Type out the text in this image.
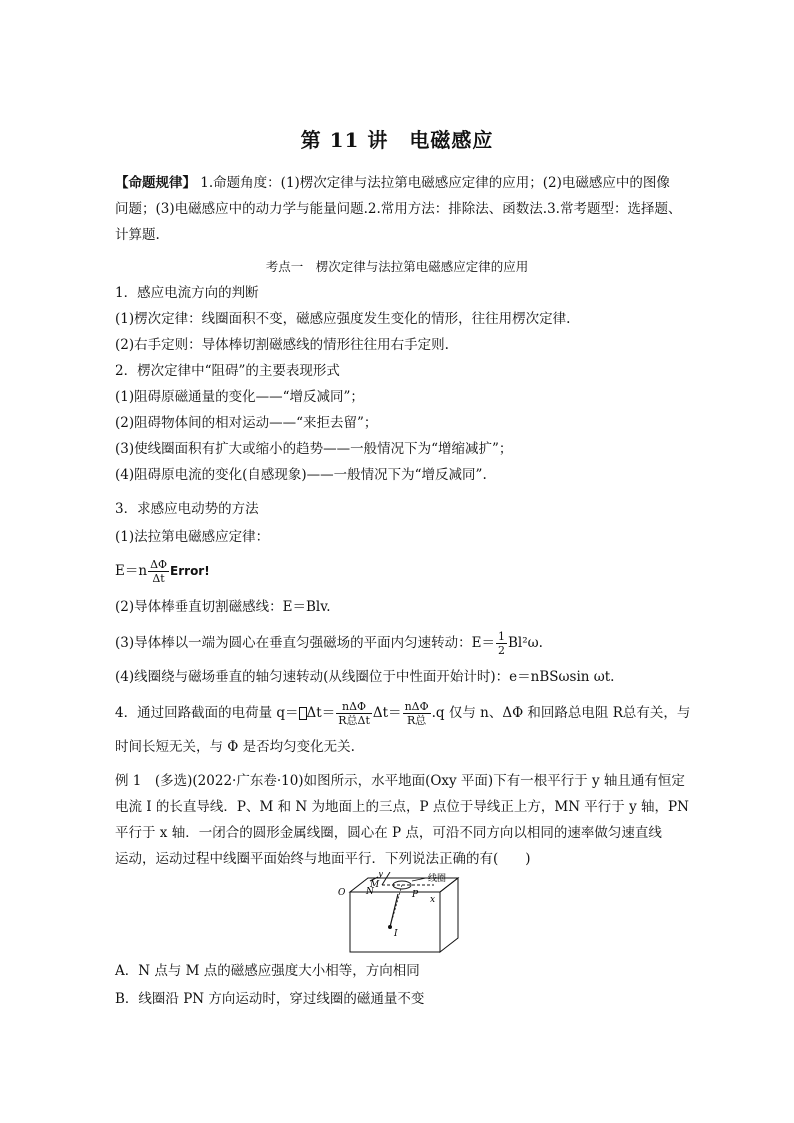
第 11 讲　电磁感应
【命题规律】 1.命题角度：(1)楞次定律与法拉第电磁感应定律的应用；(2)电磁感应中的图像
问题；(3)电磁感应中的动力学与能量问题.2.常用方法：排除法、函数法.3.常考题型：选择题、
计算题.
考点一　楞次定律与法拉第电磁感应定律的应用
1．感应电流方向的判断
(1)楞次定律：线圈面积不变，磁感应强度发生变化的情形，往往用楞次定律.
(2)右手定则：导体棒切割磁感线的情形往往用右手定则.
2．楞次定律中“阻碍”的主要表现形式
(1)阻碍原磁通量的变化——“增反减同”；
(2)阻碍物体间的相对运动——“来拒去留”；
(3)使线圈面积有扩大或缩小的趋势——一般情况下为“增缩减扩”；
(4)阻碍原电流的变化(自感现象)——一般情况下为“增反减同”.
3．求感应电动势的方法
(1)法拉第电磁感应定律：
$E=n \frac{\Delta\Phi}{\Delta t}$ Error!
(2)导体棒垂直切割磁感线：E＝Blv.
(3)导体棒以一端为圆心在垂直匀强磁场的平面内匀速转动：$E= \frac{1}{2} Bl^2\omega$.
(4)线圈绕与磁场垂直的轴匀速转动(从线圈位于中性面开始计时)：e＝nBSωsin ωt.
4．通过回路截面的电荷量 $q= \Delta t= \frac{\text{nΔΦ}}{\text{R总Δt}} \Delta t= \frac{\text{nΔΦ}}{\text{R总}} .q$ 仅与 n、ΔΦ 和回路总电阻 R总有关，与
时间长短无关，与 Φ 是否均匀变化无关.
例 1　(多选)(2022·广东卷·10)如图所示，水平地面(Oxy 平面)下有一根平行于 y 轴且通有恒定
电流 I 的长直导线．P、M 和 N 为地面上的三点，P 点位于导线正上方，MN 平行于 y 轴，PN
平行于 x 轴．一闭合的圆形金属线圈，圆心在 P 点，可沿不同方向以相同的速率做匀速直线
运动，运动过程中线圈平面始终与地面平行．下列说法正确的有(　　)
y
M
N
线圈
O	P x
I
A．N 点与 M 点的磁感应强度大小相等，方向相同
B．线圈沿 PN 方向运动时，穿过线圈的磁通量不变
